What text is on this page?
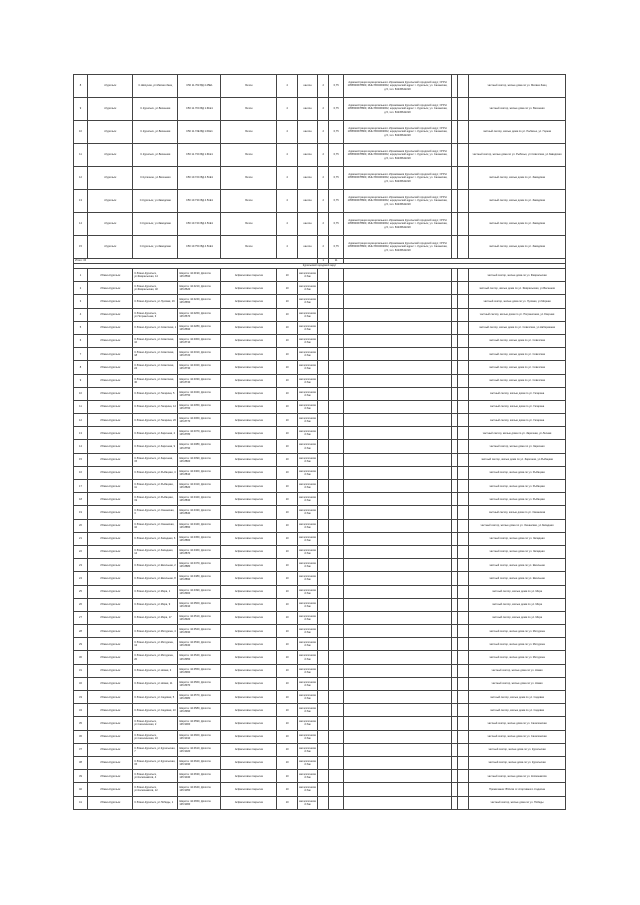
8	г.Курильск	С.Шипунов, ул.Матвея Заяц	С50 11.70К ВД 4.45Е1	Бетон	4	кантон	2	0,75	Администрация муниципального образования Курильский городской округ, ОГРН 1056500678800, ИНН 6504002002, юридический адрес: г. Курильск, ул. Саханская, д.5, тел. 84245642220			частный сектор, жилые дома по ул. Матвея Заяц
9	г.Курильск	С.Курильск, ул.Весенняя	С50 11.70С ВД 1.61Е1	Бетон	4	кантон	2	0,75	Администрация муниципального образования Курильский городской округ, ОГРН 1056500678800, ИНН 6504002002, юридический адрес: г. Курильск, ул. Саханская, д.5, тел. 84245642220			частный сектор, жилые дома по ул. Весенняя
10	г.Курильск	С.Курильск, ул.Весенняя	С50 11.72Е ВД 1.61Е1	Бетон	4	кантон	2	0,75	Администрация муниципального образования Курильский городской округ, ОГРН 1056500678800, ИНН 6504002002, юридический адрес: г. Курильск, ул. Саханская, д.5, тел. 84245642220			частный сектор, жилые дома по ул. Рыбачья, ул. Горная
11	г.Курильск	С.Курильск, ул.Весенняя	С50 11.73С ВД 1.61Е1	Бетон	4	кантон	2	0,75	Администрация муниципального образования Курильский городской округ, ОГРН 1056500678800, ИНН 6504002002, юридический адрес: г. Курильск, ул. Саханская, д.5, тел. 84245642220			частный сектор, жилые дома по ул. Рыбачья, ул.Советская, ул.Заводская
12	г.Курильск	С.Кулачное, ул.Весенняя	С50 10.72С ВД 4.51Е1	Бетон	4	кантон	2	0,75	Администрация муниципального образования Курильский городской округ, ОГРН 1056500678800, ИНН 6504002002, юридический адрес: г. Курильск, ул. Саханская, д.5, тел. 84245642220			частный сектор, жилые дома по ул. Заводская
13	г.Курильск	С.Курильск, ул.Заводская	С50 10.73С ВД 4.51Е1	Бетон	4	кантон	2	0,75	Администрация муниципального образования Курильский городской округ, ОГРН 1056500678800, ИНН 6504002002, юридический адрес: г. Курильск, ул. Саханская, д.5, тел. 84245642220			частный сектор, жилые дома по ул. Заводская
14	г.Курильск	С.Курильск, ул.Заводская	С50 10.74С ВД 4.51Е1	Бетон	4	кантон	2	0,75	Администрация муниципального образования Курильский городской округ, ОГРН 1056500678800, ИНН 6504002002, юридический адрес: г. Курильск, ул. Саханская, д.5, тел. 84245642220			частный сектор, жилые дома по ул. Заводская
15	г.Курильск	С.Курильск, ул.Заводская	С50 10.75С ВД 4.51Е1	Бетон	4	кантон	2	0,75	Администрация муниципального образования Курильский городской округ, ОГРН 1056500678800, ИНН 6504002002, юридический адрес: г. Курильск, ул. Саханская, д.5, тел. 84245642220			частный сектор, жилые дома по ул. Заводская
Итого: 15							1	11				
Курильский городской округ												
1	г.Южно-Курильск	С.Южно-Курильск, ул.Февральская, 14	Широта: 44.0190, Долгота: 145.8590	Асфальтовое покрытие	10	металлический бак						частный сектор, жилые дома по ул. Февральская
2	г.Южно-Курильск	С.Южно-Курильск, ул.Февральская, 32	Широта: 44.0210, Долгота: 145.8620	Асфальтовое покрытие	10	металлический бак						частный сектор, жилые дома по ул. Февральская, ул.Весенняя
3	г.Южно-Курильск	С.Южно-Курильск, ул.Луговая, 16	Широта: 44.0240, Долгота: 145.8650	Асфальтовое покрытие	10	металлический бак						частный сектор, жилые дома по ул. Луговая, ул.Мирная
4	г.Южно-Курильск	С.Южно-Курильск, ул.Пограничная, 3	Широта: 44.0260, Долгота: 145.8670	Асфальтовое покрытие	10	металлический бак						частный сектор, жилые дома по ул. Пограничная, ул.Озерная
5	г.Южно-Курильск	С.Южно-Курильск, ул.Советская, 1	Широта: 44.0280, Долгота: 145.8690	Асфальтовое покрытие	10	металлический бак						частный сектор, жилые дома по ул. Советская, ул.Набережная
6	г.Южно-Курильск	С.Южно-Курильск, ул.Советская, 10	Широта: 44.0300, Долгота: 145.8710	Асфальтовое покрытие	10	металлический бак						частный сектор, жилые дома по ул. Советская
7	г.Южно-Курильск	С.Южно-Курильск, ул.Советская, 18	Широта: 44.0310, Долгота: 145.8720	Асфальтовое покрытие	10	металлический бак						частный сектор, жилые дома по ул. Советская
8	г.Южно-Курильск	С.Южно-Курильск, ул.Советская, 24	Широта: 44.0320, Долгота: 145.8730	Асфальтовое покрытие	10	металлический бак						частный сектор, жилые дома по ул. Советская
9	г.Южно-Курильск	С.Южно-Курильск, ул.Советская, 30	Широта: 44.0330, Долгота: 145.8740	Асфальтовое покрытие	10	металлический бак						частный сектор, жилые дома по ул. Советская
10	г.Южно-Курильск	С.Южно-Курильск, ул.Гагарина, 5	Широта: 44.0340, Долгота: 145.8750	Асфальтовое покрытие	10	металлический бак						частный сектор, жилые дома по ул. Гагарина
11	г.Южно-Курильск	С.Южно-Курильск, ул.Гагарина, 12	Широта: 44.0350, Долгота: 145.8760	Асфальтовое покрытие	10	металлический бак						частный сектор, жилые дома по ул. Гагарина
12	г.Южно-Курильск	С.Южно-Курильск, ул.Гагарина, 20	Широта: 44.0360, Долгота: 145.8770	Асфальтовое покрытие	10	металлический бак						частный сектор, жилые дома по ул. Гагарина
13	г.Южно-Курильск	С.Южно-Курильск, ул.Заречная, 2	Широта: 44.0370, Долгота: 145.8780	Асфальтовое покрытие	10	металлический бак						частный сектор, жилые дома по ул. Заречная, ул.Лесная
14	г.Южно-Курильск	С.Южно-Курильск, ул.Заречная, 9	Широта: 44.0380, Долгота: 145.8790	Асфальтовое покрытие	10	металлический бак						частный сектор, жилые дома по ул. Заречная
15	г.Южно-Курильск	С.Южно-Курильск, ул.Заречная, 15	Широта: 44.0390, Долгота: 145.8800	Асфальтовое покрытие	10	металлический бак						частный сектор, жилые дома по ул. Заречная, ул.Рыбацкая
16	г.Южно-Курильск	С.Южно-Курильск, ул.Рыбацкая, 4	Широта: 44.0400, Долгота: 145.8810	Асфальтовое покрытие	10	металлический бак						частный сектор, жилые дома по ул. Рыбацкая
17	г.Южно-Курильск	С.Южно-Курильск, ул.Рыбацкая, 11	Широта: 44.0410, Долгота: 145.8820	Асфальтовое покрытие	10	металлический бак						частный сектор, жилые дома по ул. Рыбацкая
18	г.Южно-Курильск	С.Южно-Курильск, ул.Рыбацкая, 19	Широта: 44.0420, Долгота: 145.8830	Асфальтовое покрытие	10	металлический бак						частный сектор, жилые дома по ул. Рыбацкая
19	г.Южно-Курильск	С.Южно-Курильск, ул.Океанская, 3	Широта: 44.0430, Долгота: 145.8840	Асфальтовое покрытие	10	металлический бак						частный сектор, жилые дома по ул. Океанская
20	г.Южно-Курильск	С.Южно-Курильск, ул.Океанская, 10	Широта: 44.0440, Долгота: 145.8850	Асфальтовое покрытие	10	металлический бак						частный сектор, жилые дома по ул. Океанская, ул.Западная
21	г.Южно-Курильск	С.Южно-Курильск, ул.Западная, 6	Широта: 44.0450, Долгота: 145.8860	Асфальтовое покрытие	10	металлический бак						частный сектор, жилые дома по ул. Западная
22	г.Южно-Курильск	С.Южно-Курильск, ул.Западная, 14	Широта: 44.0460, Долгота: 145.8870	Асфальтовое покрытие	10	металлический бак						частный сектор, жилые дома по ул. Западная
23	г.Южно-Курильск	С.Южно-Курильск, ул.Школьная, 2	Широта: 44.0470, Долгота: 145.8880	Асфальтовое покрытие	10	металлический бак						частный сектор, жилые дома по ул. Школьная
24	г.Южно-Курильск	С.Южно-Курильск, ул.Школьная, 8	Широта: 44.0480, Долгота: 145.8890	Асфальтовое покрытие	10	металлический бак						частный сектор, жилые дома по ул. Школьная
25	г.Южно-Курильск	С.Южно-Курильск, ул.Мира, 1	Широта: 44.0490, Долгота: 145.8900	Асфальтовое покрытие	10	металлический бак						частный сектор, жилые дома по ул. Мира
26	г.Южно-Курильск	С.Южно-Курильск, ул.Мира, 9	Широта: 44.0500, Долгота: 145.8910	Асфальтовое покрытие	10	металлический бак						частный сектор, жилые дома по ул. Мира
27	г.Южно-Курильск	С.Южно-Курильск, ул.Мира, 17	Широта: 44.0510, Долгота: 145.8920	Асфальтовое покрытие	10	металлический бак						частный сектор, жилые дома по ул. Мира
28	г.Южно-Курильск	С.Южно-Курильск, ул.Мичурина, 4	Широта: 44.0520, Долгота: 145.8930	Асфальтовое покрытие	10	металлический бак						частный сектор, жилые дома по ул. Мичурина
29	г.Южно-Курильск	С.Южно-Курильск, ул.Мичурина, 12	Широта: 44.0530, Долгота: 145.8940	Асфальтовое покрытие	10	металлический бак						частный сектор, жилые дома по ул. Мичурина
30	г.Южно-Курильск	С.Южно-Курильск, ул.Мичурина, 20	Широта: 44.0540, Долгота: 145.8950	Асфальтовое покрытие	10	металлический бак						частный сектор, жилые дома по ул. Мичурина
31	г.Южно-Курильск	С.Южно-Курильск, ул.Новая, 3	Широта: 44.0550, Долгота: 145.8960	Асфальтовое покрытие	10	металлический бак						частный сектор, жилые дома по ул. Новая
32	г.Южно-Курильск	С.Южно-Курильск, ул.Новая, 11	Широта: 44.0560, Долгота: 145.8970	Асфальтовое покрытие	10	металлический бак						частный сектор, жилые дома по ул. Новая
33	г.Южно-Курильск	С.Южно-Курильск, ул.Садовая, 5	Широта: 44.0570, Долгота: 145.8980	Асфальтовое покрытие	10	металлический бак						частный сектор, жилые дома по ул. Садовая
34	г.Южно-Курильск	С.Южно-Курильск, ул.Садовая, 13	Широта: 44.0580, Долгота: 145.8990	Асфальтовое покрытие	10	металлический бак						частный сектор, жилые дома по ул. Садовая
35	г.Южно-Курильск	С.Южно-Курильск, ул.Сахалинская, 2	Широта: 44.0590, Долгота: 145.9000	Асфальтовое покрытие	10	металлический бак						частный сектор, жилые дома по ул. Сахалинская
36	г.Южно-Курильск	С.Южно-Курильск, ул.Сахалинская, 10	Широта: 44.0600, Долгота: 145.9010	Асфальтовое покрытие	10	металлический бак						частный сектор, жилые дома по ул. Сахалинская
37	г.Южно-Курильск	С.Южно-Курильск, ул.Курильская, 7	Широта: 44.0610, Долгота: 145.9020	Асфальтовое покрытие	10	металлический бак						частный сектор, жилые дома по ул. Курильская
38	г.Южно-Курильск	С.Южно-Курильск, ул.Курильская, 15	Широта: 44.0620, Долгота: 145.9030	Асфальтовое покрытие	10	металлический бак						частный сектор, жилые дома по ул. Курильская
39	г.Южно-Курильск	С.Южно-Курильск, ул.Космонавтов, 4	Широта: 44.0630, Долгота: 145.9040	Асфальтовое покрытие	10	металлический бак						частный сектор, жилые дома по ул. Космонавтов
40	г.Южно-Курильск	С.Южно-Курильск, ул.Космонавтов, 12	Широта: 44.0640, Долгота: 145.9050	Асфальтовое покрытие	10	металлический бак						Примечание: Вблизи от спортивного стадиона
41	г.Южно-Курильск	С.Южно-Курильск, ул.Победы, 1	Широта: 44.0650, Долгота: 145.9060	Асфальтовое покрытие	10	металлический бак						частный сектор, жилые дома по ул. Победы
